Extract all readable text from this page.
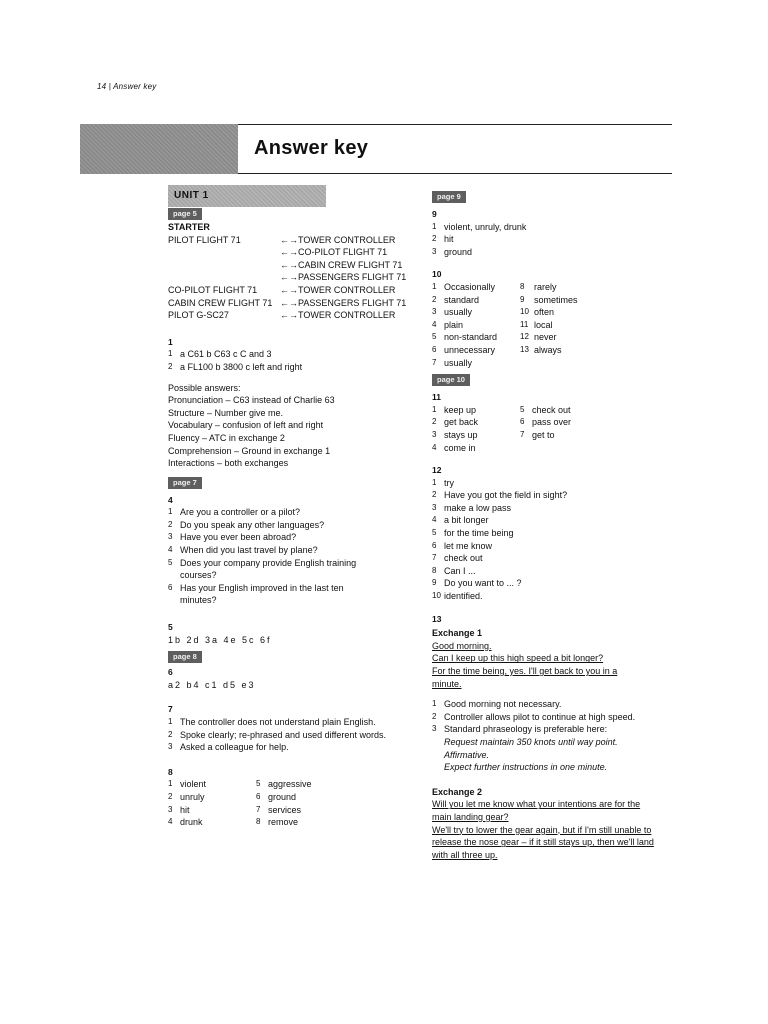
14 | Answer key
Answer key
UNIT 1
page 5
STARTER
PILOT FLIGHT 71	←→TOWER CONTROLLER
←→CO-PILOT FLIGHT 71
←→CABIN CREW FLIGHT 71
←→PASSENGERS FLIGHT 71
CO-PILOT FLIGHT 71	←→TOWER CONTROLLER
CABIN CREW FLIGHT 71 ←→PASSENGERS FLIGHT 71
PILOT G-SC27	←→TOWER CONTROLLER
1
1 a C61 b C63 c C and 3
2 a FL100 b 3800 c left and right
Possible answers:
Pronunciation – C63 instead of Charlie 63
Structure – Number give me.
Vocabulary – confusion of left and right
Fluency – ATC in exchange 2
Comprehension – Ground in exchange 1
Interactions – both exchanges
page 7
4
1 Are you a controller or a pilot?
2 Do you speak any other languages?
3 Have you ever been abroad?
4 When did you last travel by plane?
5 Does your company provide English training courses?
6 Has your English improved in the last ten minutes?
5
1b 2d 3a 4e 5c 6f
page 8
6
a2 b4 c1 d5 e3
7
1 The controller does not understand plain English.
2 Spoke clearly; re-phrased and used different words.
3 Asked a colleague for help.
8
1 violent
2 unruly
3 hit
4 drunk
5 aggressive
6 ground
7 services
8 remove
page 9
9
1 violent, unruly, drunk
2 hit
3 ground
10
1 Occasionally
2 standard
3 usually
4 plain
5 non-standard
6 unnecessary
7 usually
8	rarely
9	sometimes
10 often
11 local
12 never
13 always
page 10
11
1 keep up
2 get back
3 stays up
4 come in
5 check out
6 pass over
7 get to
12
1 try
2 Have you got the field in sight?
3 make a low pass
4 a bit longer
5 for the time being
6 let me know
7 check out
8 Can I ...
9 Do you want to ... ?
10 identified.
13
Exchange 1
Good morning.
Can I keep up this high speed a bit longer?
For the time being, yes. I'll get back to you in a minute.
1 Good morning not necessary.
2 Controller allows pilot to continue at high speed.
3 Standard phraseology is preferable here:
Request maintain 350 knots until way point.
Affirmative.
Expect further instructions in one minute.
Exchange 2
Will you let me know what your intentions are for the main landing gear?
We'll try to lower the gear again, but if I'm still unable to release the nose gear – if it still stays up, then we'll land with all three up.
